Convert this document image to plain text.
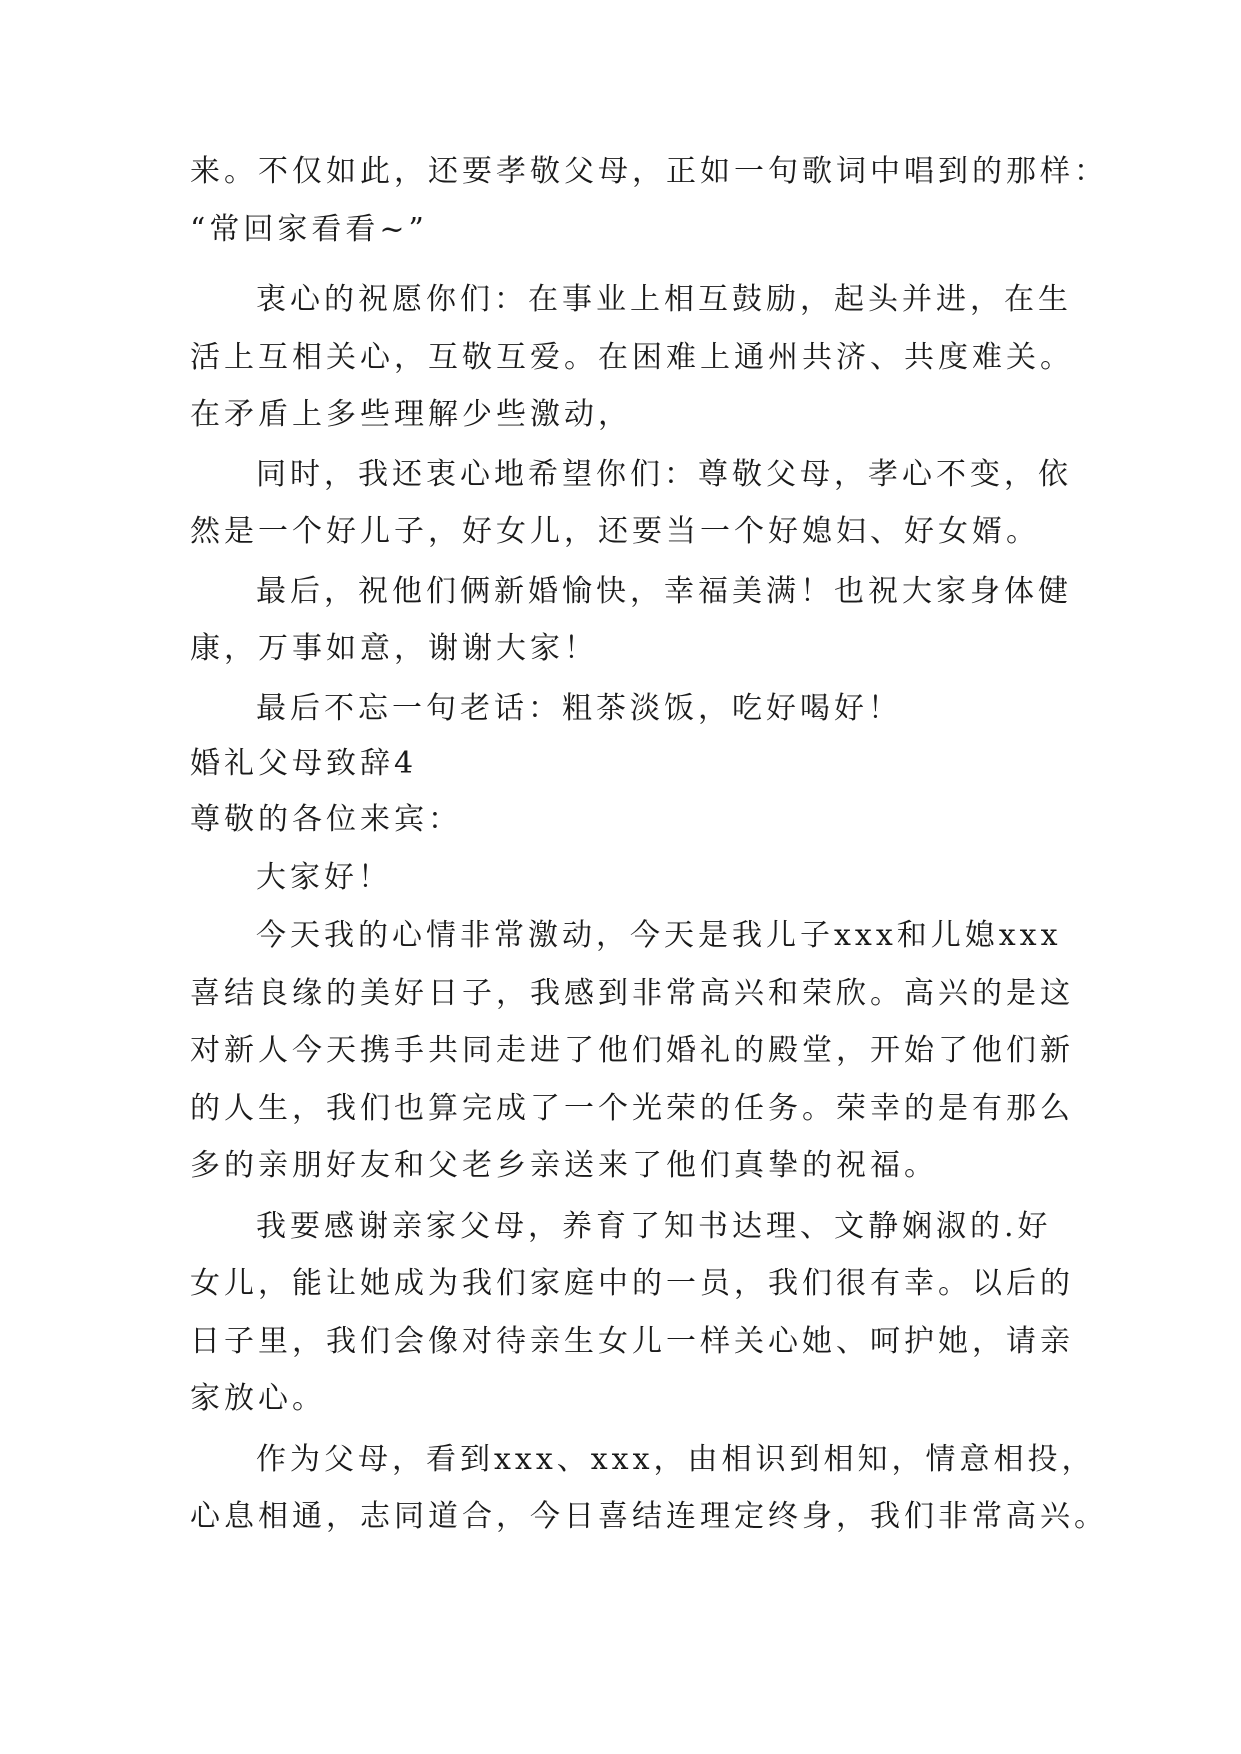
来。不仅如此，还要孝敬父母，正如一句歌词中唱到的那样：
“常回家看看~”
衷心的祝愿你们：在事业上相互鼓励，起头并进，在生
活上互相关心，互敬互爱。在困难上通州共济、共度难关。
在矛盾上多些理解少些激动，
同时，我还衷心地希望你们：尊敬父母，孝心不变，依
然是一个好儿子，好女儿，还要当一个好媳妇、好女婿。
最后，祝他们俩新婚愉快，幸福美满！也祝大家身体健
康，万事如意，谢谢大家！
最后不忘一句老话：粗茶淡饭，吃好喝好！
婚礼父母致辞4
尊敬的各位来宾：
大家好！
今天我的心情非常激动，今天是我儿子xxx和儿媳xxx
喜结良缘的美好日子，我感到非常高兴和荣欣。高兴的是这
对新人今天携手共同走进了他们婚礼的殿堂，开始了他们新
的人生，我们也算完成了一个光荣的任务。荣幸的是有那么
多的亲朋好友和父老乡亲送来了他们真挚的祝福。
我要感谢亲家父母，养育了知书达理、文静娴淑的.好
女儿，能让她成为我们家庭中的一员，我们很有幸。以后的
日子里，我们会像对待亲生女儿一样关心她、呵护她，请亲
家放心。
作为父母，看到xxx、xxx，由相识到相知，情意相投，
心息相通，志同道合，今日喜结连理定终身，我们非常高兴。
